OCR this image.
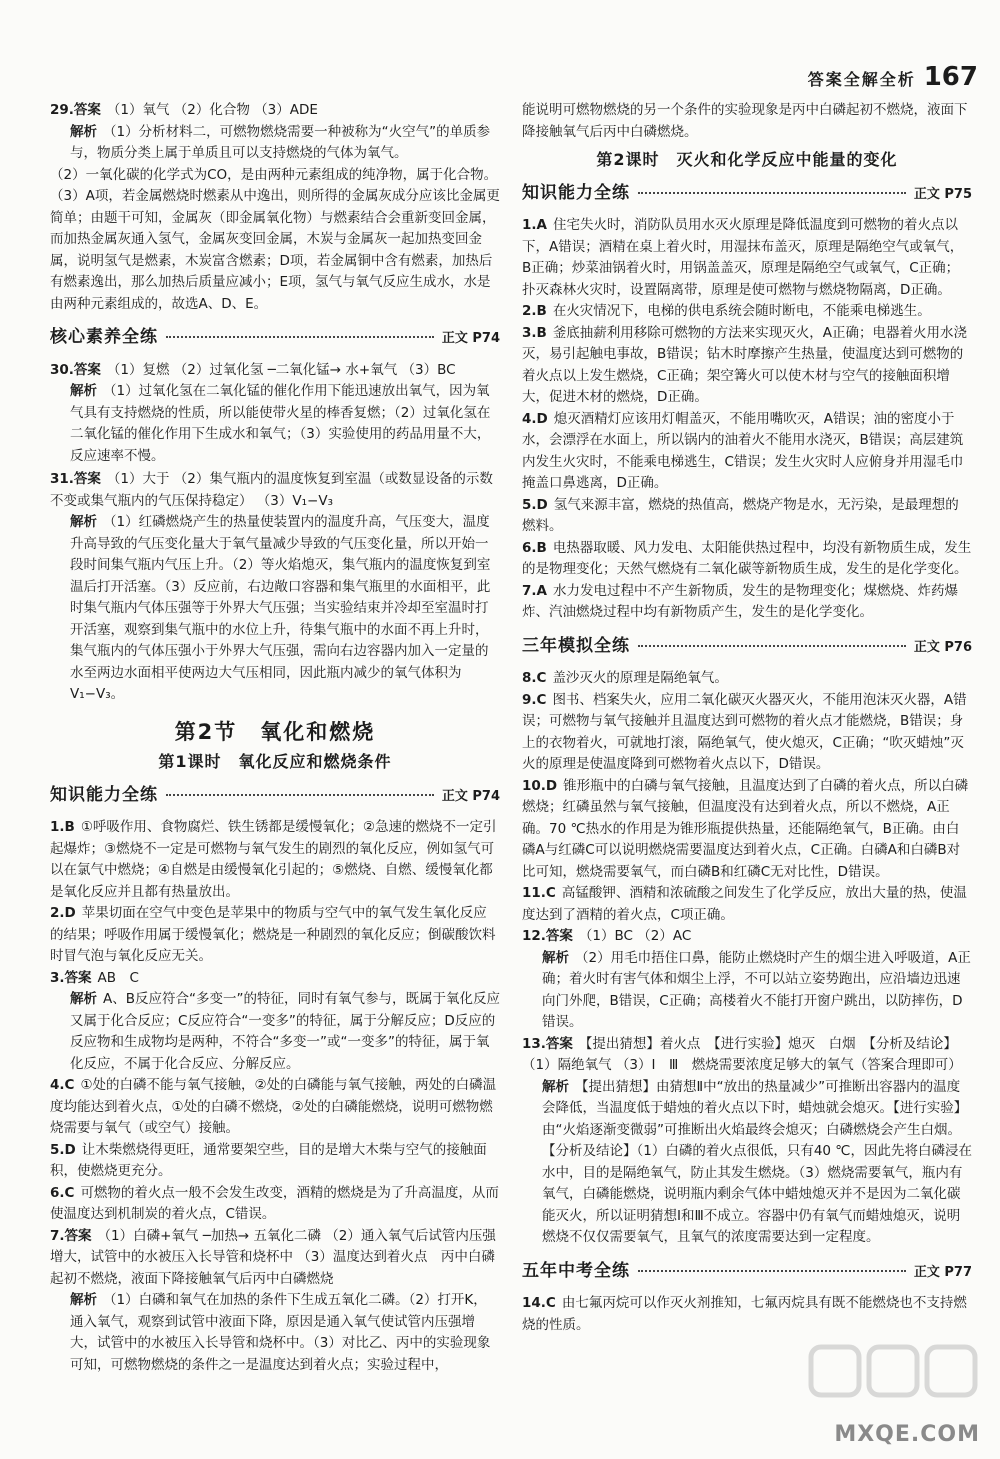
答案全解全析 167

29.答案 （1）氧气 （2）化合物 （3）ADE

解析 （1）分析材料二，可燃物燃烧需要一种被称为“火空气”的单质参与，物质分类上属于单质且可以支持燃烧的气体为氧气。

（2）一氧化碳的化学式为CO，是由两种元素组成的纯净物，属于化合物。（3）A项，若金属燃烧时燃素从中逸出，则所得的金属灰成分应该比金属更简单；由题干可知，金属灰（即金属氧化物）与燃素结合会重新变回金属，而加热金属灰通入氢气，金属灰变回金属，木炭与金属灰一起加热变回金属，说明氢气是燃素，木炭富含燃素；D项，若金属铜中含有燃素，加热后有燃素逸出，那么加热后质量应减小；E项，氢气与氧气反应生成水，水是由两种元素组成的，故选A、D、E。

核心素养全练	正文 P74

30.答案 （1）复燃 （2）过氧化氢 ─二氧化锰→ 水+氧气 （3）BC

解析 （1）过氧化氢在二氧化锰的催化作用下能迅速放出氧气，因为氧气具有支持燃烧的性质，所以能使带火星的棒香复燃；（2）过氧化氢在二氧化锰的催化作用下生成水和氧气；（3）实验使用的药品用量不大，反应速率不慢。

31.答案 （1）大于 （2）集气瓶内的温度恢复到室温（或数显设备的示数不变或集气瓶内的气压保持稳定） （3）V₁−V₃

解析 （1）红磷燃烧产生的热量使装置内的温度升高，气压变大，温度升高导致的气压变化量大于氧气量减少导致的气压变化量，所以开始一段时间集气瓶内气压上升。（2）等火焰熄灭，集气瓶内的温度恢复到室温后打开活塞。（3）反应前，右边敞口容器和集气瓶里的水面相平，此时集气瓶内气体压强等于外界大气压强；当实验结束并冷却至室温时打开活塞，观察到集气瓶中的水位上升，待集气瓶中的水面不再上升时，集气瓶内的气体压强小于外界大气压强，需向右边容器内加入一定量的水至两边水面相平使两边大气压相同，因此瓶内减少的氧气体积为V₁−V₃。

第2节　氧化和燃烧
第1课时　氧化反应和燃烧条件
知识能力全练	正文 P74

1.B ①呼吸作用、食物腐烂、铁生锈都是缓慢氧化；②急速的燃烧不一定引起爆炸；③燃烧不一定是可燃物与氧气发生的剧烈的氧化反应，例如氢气可以在氯气中燃烧；④自燃是由缓慢氧化引起的；⑤燃烧、自燃、缓慢氧化都是氧化反应并且都有热量放出。

2.D 苹果切面在空气中变色是苹果中的物质与空气中的氧气发生氧化反应的结果；呼吸作用属于缓慢氧化；燃烧是一种剧烈的氧化反应；倒碳酸饮料时冒气泡与氧化反应无关。

3.答案 AB　C

解析 A、B反应符合“多变一”的特征，同时有氧气参与，既属于氧化反应又属于化合反应；C反应符合“一变多”的特征，属于分解反应；D反应的反应物和生成物均是两种，不符合“多变一”或“一变多”的特征，属于氧化反应，不属于化合反应、分解反应。

4.C ①处的白磷不能与氧气接触，②处的白磷能与氧气接触，两处的白磷温度均能达到着火点，①处的白磷不燃烧，②处的白磷能燃烧，说明可燃物燃烧需要与氧气（或空气）接触。

5.D 让木柴燃烧得更旺，通常要架空些，目的是增大木柴与空气的接触面积，使燃烧更充分。

6.C 可燃物的着火点一般不会发生改变，酒精的燃烧是为了升高温度，从而使温度达到机制炭的着火点，C错误。

7.答案 （1）白磷+氧气 ─加热→ 五氧化二磷 （2）通入氧气后试管内压强增大，试管中的水被压入长导管和烧杯中 （3）温度达到着火点　丙中白磷起初不燃烧，液面下降接触氧气后丙中白磷燃烧

解析 （1）白磷和氧气在加热的条件下生成五氧化二磷。（2）打开K，通入氧气，观察到试管中液面下降，原因是通入氧气使试管内压强增大，试管中的水被压入长导管和烧杯中。（3）对比乙、丙中的实验现象可知，可燃物燃烧的条件之一是温度达到着火点；实验过程中，

能说明可燃物燃烧的另一个条件的实验现象是丙中白磷起初不燃烧，液面下降接触氧气后丙中白磷燃烧。

第2课时　灭火和化学反应中能量的变化
知识能力全练	正文 P75

1.A 住宅失火时，消防队员用水灭火原理是降低温度到可燃物的着火点以下，A错误；酒精在桌上着火时，用湿抹布盖灭，原理是隔绝空气或氧气，B正确；炒菜油锅着火时，用锅盖盖灭，原理是隔绝空气或氧气，C正确；扑灭森林火灾时，设置隔离带，原理是使可燃物与燃烧物隔离，D正确。

2.B 在火灾情况下，电梯的供电系统会随时断电，不能乘电梯逃生。

3.B 釜底抽薪利用移除可燃物的方法来实现灭火，A正确；电器着火用水浇灭，易引起触电事故，B错误；钻木时摩擦产生热量，使温度达到可燃物的着火点以上发生燃烧，C正确；架空篝火可以使木材与空气的接触面积增大，促进木材的燃烧，D正确。

4.D 熄灭酒精灯应该用灯帽盖灭，不能用嘴吹灭，A错误；油的密度小于水，会漂浮在水面上，所以锅内的油着火不能用水浇灭，B错误；高层建筑内发生火灾时，不能乘电梯逃生，C错误；发生火灾时人应俯身并用湿毛巾掩盖口鼻逃离，D正确。

5.D 氢气来源丰富，燃烧的热值高，燃烧产物是水，无污染，是最理想的燃料。

6.B 电热器取暖、风力发电、太阳能供热过程中，均没有新物质生成，发生的是物理变化；天然气燃烧有二氧化碳等新物质生成，发生的是化学变化。

7.A 水力发电过程中不产生新物质，发生的是物理变化；煤燃烧、炸药爆炸、汽油燃烧过程中均有新物质产生，发生的是化学变化。

三年模拟全练	正文 P76

8.C 盖沙灭火的原理是隔绝氧气。

9.C 图书、档案失火，应用二氧化碳灭火器灭火，不能用泡沫灭火器，A错误；可燃物与氧气接触并且温度达到可燃物的着火点才能燃烧，B错误；身上的衣物着火，可就地打滚，隔绝氧气，使火熄灭，C正确；“吹灭蜡烛”灭火的原理是使温度降到可燃物着火点以下，D错误。

10.D 锥形瓶中的白磷与氧气接触，且温度达到了白磷的着火点，所以白磷燃烧；红磷虽然与氧气接触，但温度没有达到着火点，所以不燃烧，A正确。70 ℃热水的作用是为锥形瓶提供热量，还能隔绝氧气，B正确。由白磷A与红磷C可以说明燃烧需要温度达到着火点，C正确。白磷A和白磷B对比可知，燃烧需要氧气，而白磷B和红磷C无对比性，D错误。

11.C 高锰酸钾、酒精和浓硫酸之间发生了化学反应，放出大量的热，使温度达到了酒精的着火点，C项正确。

12.答案 （1）BC （2）AC

解析 （2）用毛巾捂住口鼻，能防止燃烧时产生的烟尘进入呼吸道，A正确；着火时有害气体和烟尘上浮，不可以站立姿势跑出，应沿墙边迅速向门外爬，B错误，C正确；高楼着火不能打开窗户跳出，以防摔伤，D错误。

13.答案 【提出猜想】着火点　【进行实验】熄灭　白烟　【分析及结论】（1）隔绝氧气 （3）Ⅰ　Ⅲ　燃烧需要浓度足够大的氧气（答案合理即可）

解析 【提出猜想】由猜想Ⅱ中“放出的热量减少”可推断出容器内的温度会降低，当温度低于蜡烛的着火点以下时，蜡烛就会熄灭。【进行实验】由“火焰逐渐变微弱”可推断出火焰最终会熄灭；白磷燃烧会产生白烟。【分析及结论】（1）白磷的着火点很低，只有40 ℃，因此先将白磷浸在水中，目的是隔绝氧气，防止其发生燃烧。（3）燃烧需要氧气，瓶内有氧气，白磷能燃烧，说明瓶内剩余气体中蜡烛熄灭并不是因为二氧化碳能灭火，所以证明猜想Ⅰ和Ⅲ不成立。容器中仍有氧气而蜡烛熄灭，说明燃烧不仅仅需要氧气，且氧气的浓度需要达到一定程度。

五年中考全练	正文 P77

14.C 由七氟丙烷可以作灭火剂推知，七氟丙烷具有既不能燃烧也不支持燃烧的性质。

MXQE.COM
